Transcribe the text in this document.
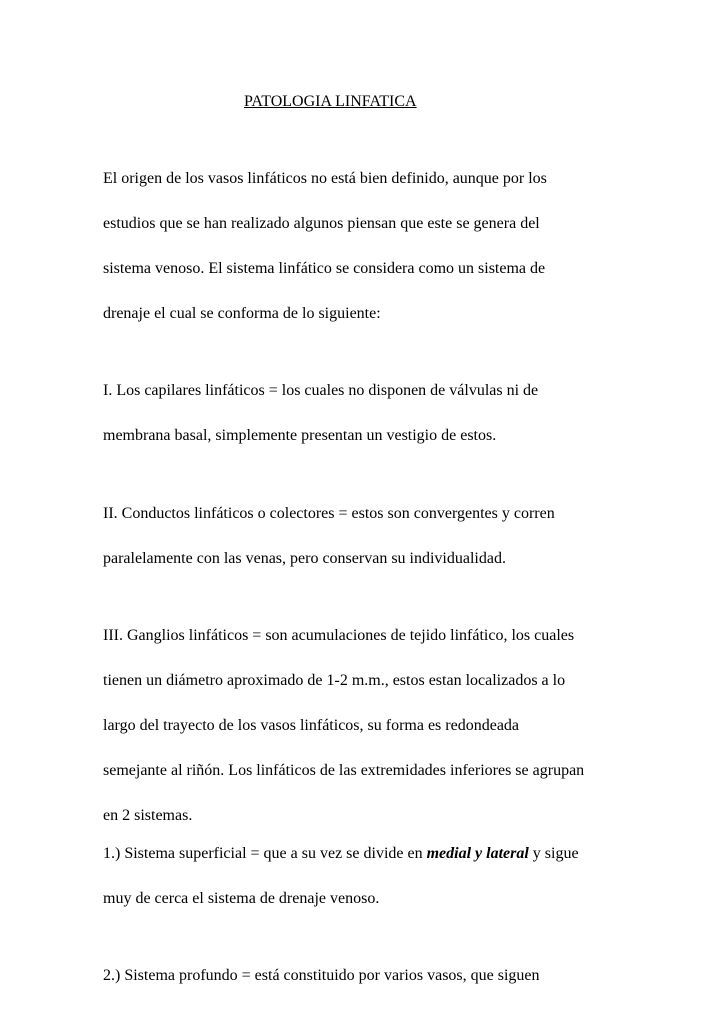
PATOLOGIA LINFATICA
El origen de los vasos linfáticos no está bien definido, aunque por los
estudios que se han realizado algunos piensan que este se genera del
sistema venoso. El sistema linfático se considera como un sistema de
drenaje el cual se conforma de lo siguiente:
I. Los capilares linfáticos = los cuales no disponen de válvulas ni de
membrana basal, simplemente presentan un vestigio de estos.
II. Conductos linfáticos o colectores = estos son convergentes y corren
paralelamente con las venas, pero conservan su individualidad.
III. Ganglios linfáticos = son acumulaciones de tejido linfático, los cuales
tienen un diámetro aproximado de 1-2 m.m., estos estan localizados a lo
largo del trayecto de los vasos linfáticos, su forma es redondeada
semejante al riñón. Los linfáticos de las extremidades inferiores se agrupan
en 2 sistemas.
1.) Sistema superficial = que a su vez se divide en medial y lateral y sigue
muy de cerca el sistema de drenaje venoso.
2.) Sistema profundo = está constituido por varios vasos, que siguen
